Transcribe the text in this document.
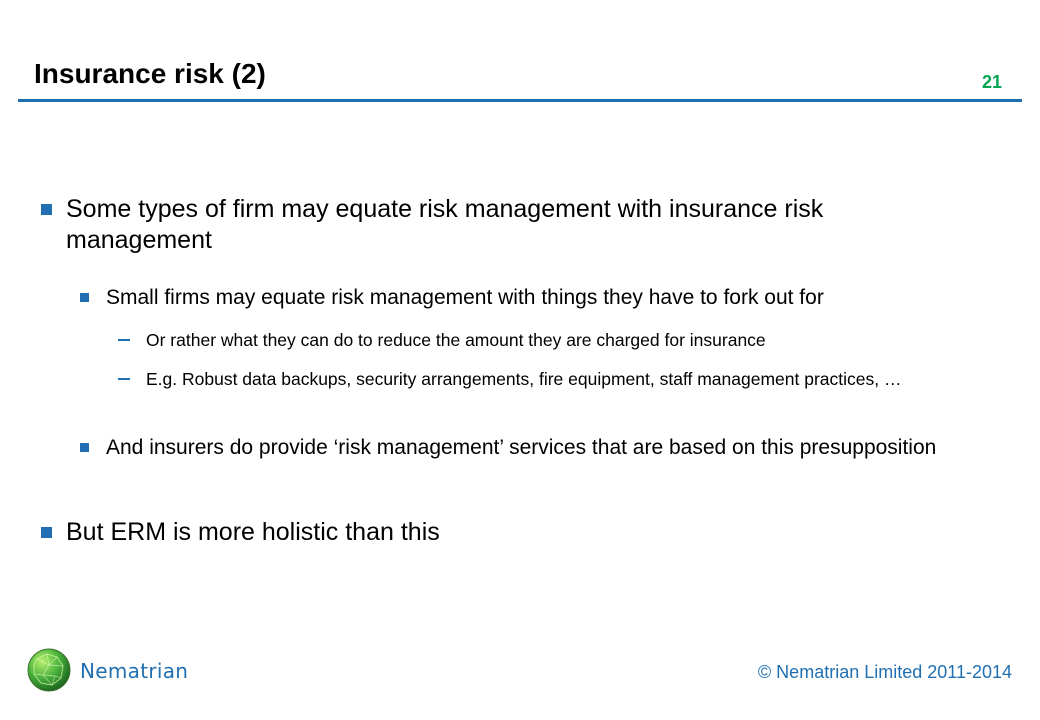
Insurance risk (2)	21
Some types of firm may equate risk management with insurance risk management
Small firms may equate risk management with things they have to fork out for
Or rather what they can do to reduce the amount they are charged for insurance
E.g. Robust data backups, security arrangements, fire equipment, staff management practices, …
And insurers do provide ‘risk management’ services that are based on this presupposition
But ERM is more holistic than this
Nematrian	© Nematrian Limited 2011-2014
